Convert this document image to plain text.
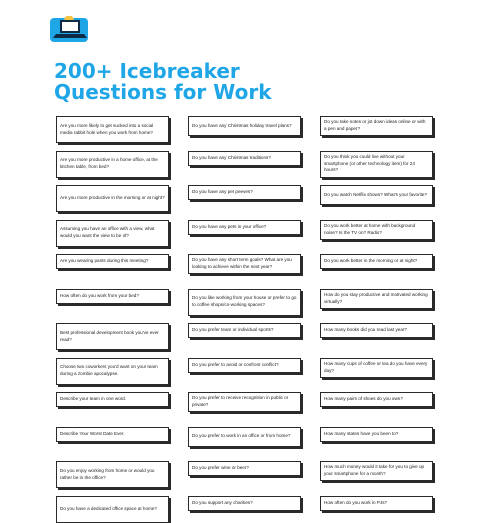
200+ Icebreaker
Questions for Work
Are you more likely to get sucked into a social media rabbit hole when you work from home?
Are you more productive in a home office, at the kitchen table, from bed?
Are you more productive in the morning or at night?
Assuming you have an office with a view, what would you want the view to be of?
Are you wearing pants during this meeting?
How often do you work from your bed?
Best professional development book you've ever read?
Choose two coworkers you'd want on your team during a zombie apocalypse.
Describe your team in one word.
Describe Your Worst Date Ever.
Do you enjoy working from home or would you rather be in the office?
Do you have a dedicated office space at home?
Do you have any Christmas holiday travel plans?
Do you have any Christmas traditions?
Do you have any pet peeves?
Do you have any pets in your office?
Do you have any short term goals? What are you looking to achieve within the next year?
Do you like working from your house or prefer to go to coffee shops/co-working spaces?
Do you prefer team or individual sports?
Do you prefer to avoid or confront conflict?
Do you prefer to receive recognition in public or private?
Do you prefer to work in an office or from home?
Do you prefer wine or beer?
Do you support any charities?
Do you take notes or jot down ideas online or with a pen and paper?
Do you think you could live without your smartphone (or other technology item) for 24 hours?
Do you watch Netflix shows? What's your favorite?
Do you work better at home with background noise? Is the TV on? Radio?
Do you work better in the morning or at night?
How do you stay productive and motivated working virtually?
How many books did you read last year?
How many cups of coffee or tea do you have every day?
How many pairs of shoes do you own?
How many states have you been to?
How much money would it take for you to give up your smartphone for a month?
How often do you work in PJs?
